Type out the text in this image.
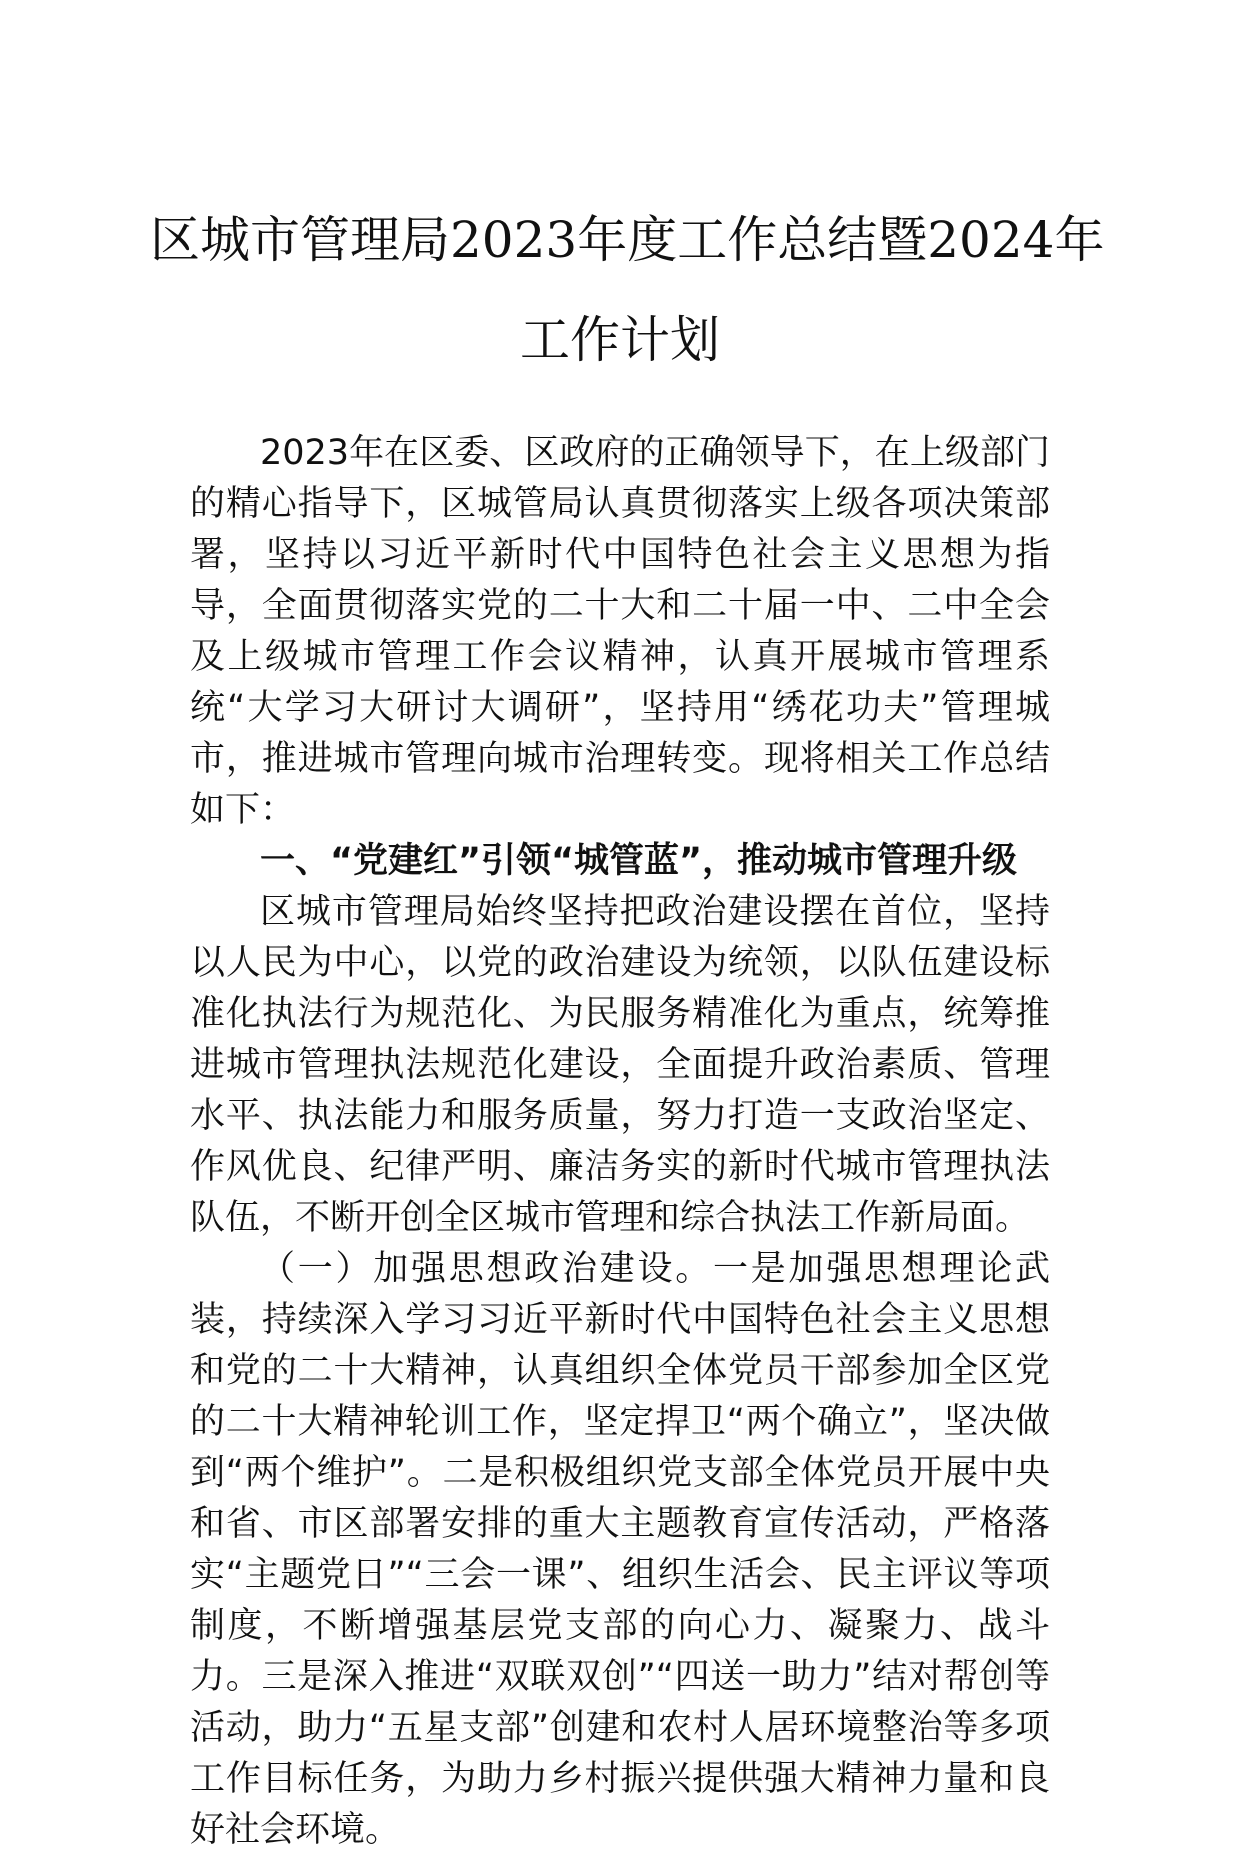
区城市管理局2023年度工作总结暨2024年
工作计划

2023年在区委、区政府的正确领导下，在上级部门的精心指导下，区城管局认真贯彻落实上级各项决策部署，坚持以习近平新时代中国特色社会主义思想为指导，全面贯彻落实党的二十大和二十届一中、二中全会及上级城市管理工作会议精神，认真开展城市管理系统“大学习大研讨大调研”，坚持用“绣花功夫”管理城市，推进城市管理向城市治理转变。现将相关工作总结如下：

一、“党建红”引领“城管蓝”，推动城市管理升级

区城市管理局始终坚持把政治建设摆在首位，坚持以人民为中心，以党的政治建设为统领，以队伍建设标准化执法行为规范化、为民服务精准化为重点，统筹推进城市管理执法规范化建设，全面提升政治素质、管理水平、执法能力和服务质量，努力打造一支政治坚定、作风优良、纪律严明、廉洁务实的新时代城市管理执法队伍，不断开创全区城市管理和综合执法工作新局面。

（一）加强思想政治建设。一是加强思想理论武装，持续深入学习习近平新时代中国特色社会主义思想和党的二十大精神，认真组织全体党员干部参加全区党的二十大精神轮训工作，坚定捍卫“两个确立”，坚决做到“两个维护”。二是积极组织党支部全体党员开展中央和省、市区部署安排的重大主题教育宣传活动，严格落实“主题党日”“三会一课”、组织生活会、民主评议等项制度，不断增强基层党支部的向心力、凝聚力、战斗力。三是深入推进“双联双创”“四送一助力”结对帮创等活动，助力“五星支部”创建和农村人居环境整治等多项工作目标任务，为助力乡村振兴提供强大精神力量和良好社会环境。
